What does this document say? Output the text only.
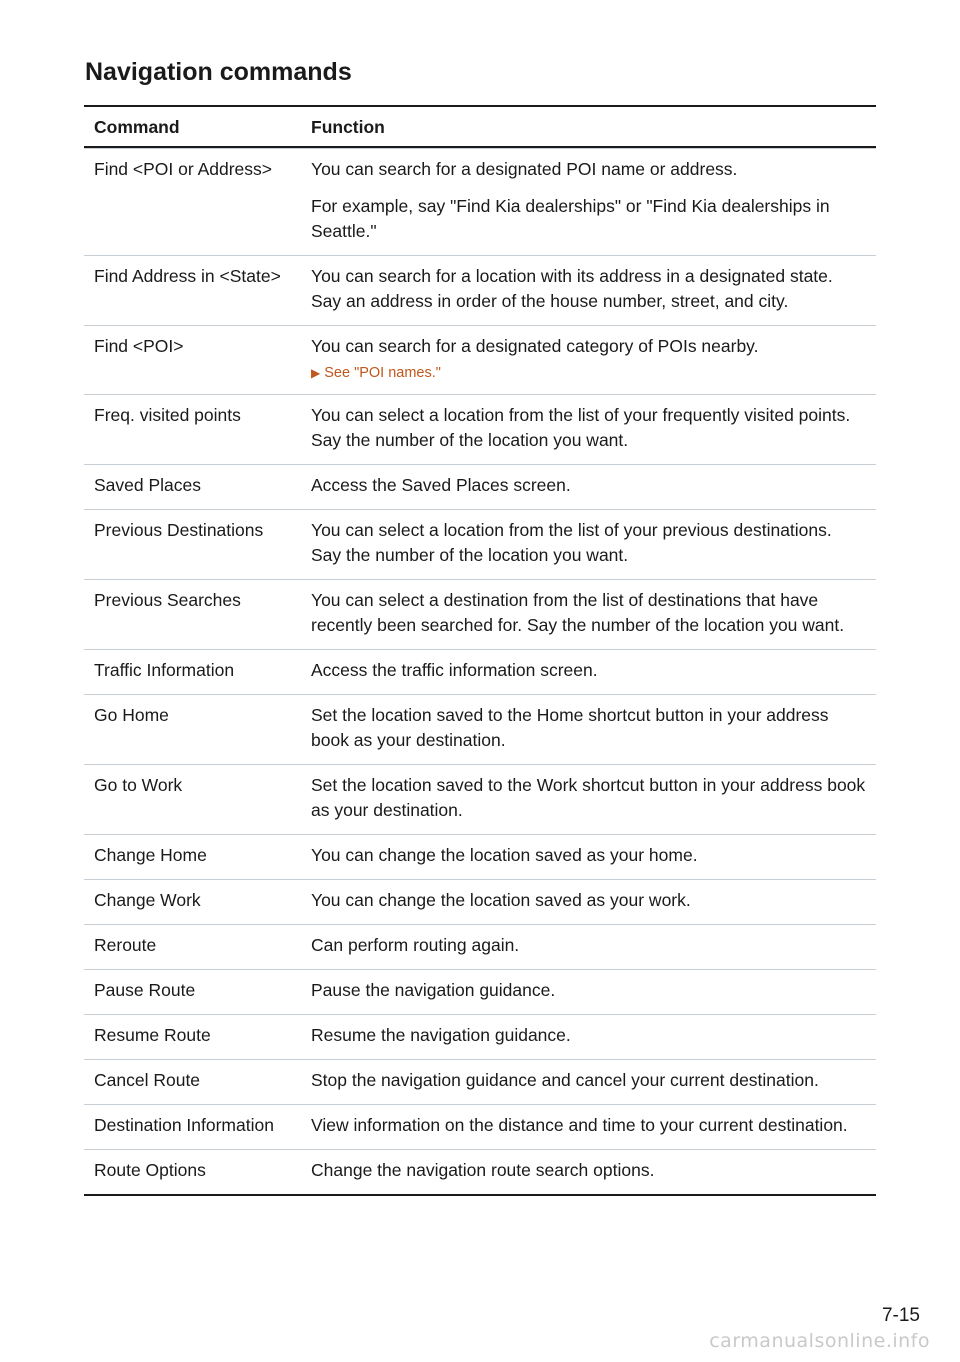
Navigation commands
Command	Function
Find <POI or Address>	You can search for a designated POI name or address.

For example, say "Find Kia dealerships" or "Find Kia dealerships in Seattle."

Find Address in <State>	You can search for a location with its address in a designated state. Say an address in order of the house number, street, and city.

Find <POI>	You can search for a designated category of POIs nearby.

▶ See "POI names."

Freq. visited points	You can select a location from the list of your frequently visited points. Say the number of the location you want.

Saved Places	Access the Saved Places screen.

Previous Destinations	You can select a location from the list of your previous destinations. Say the number of the location you want.

Previous Searches	You can select a destination from the list of destinations that have recently been searched for. Say the number of the location you want.

Traffic Information	Access the traffic information screen.

Go Home	Set the location saved to the Home shortcut button in your address book as your destination.

Go to Work	Set the location saved to the Work shortcut button in your address book as your destination.

Change Home	You can change the location saved as your home.

Change Work	You can change the location saved as your work.

Reroute	Can perform routing again.

Pause Route	Pause the navigation guidance.

Resume Route	Resume the navigation guidance.

Cancel Route	Stop the navigation guidance and cancel your current destination.

Destination Information	View information on the distance and time to your current destination.

Route Options	Change the navigation route search options.

7-15
carmanualsonline.info
